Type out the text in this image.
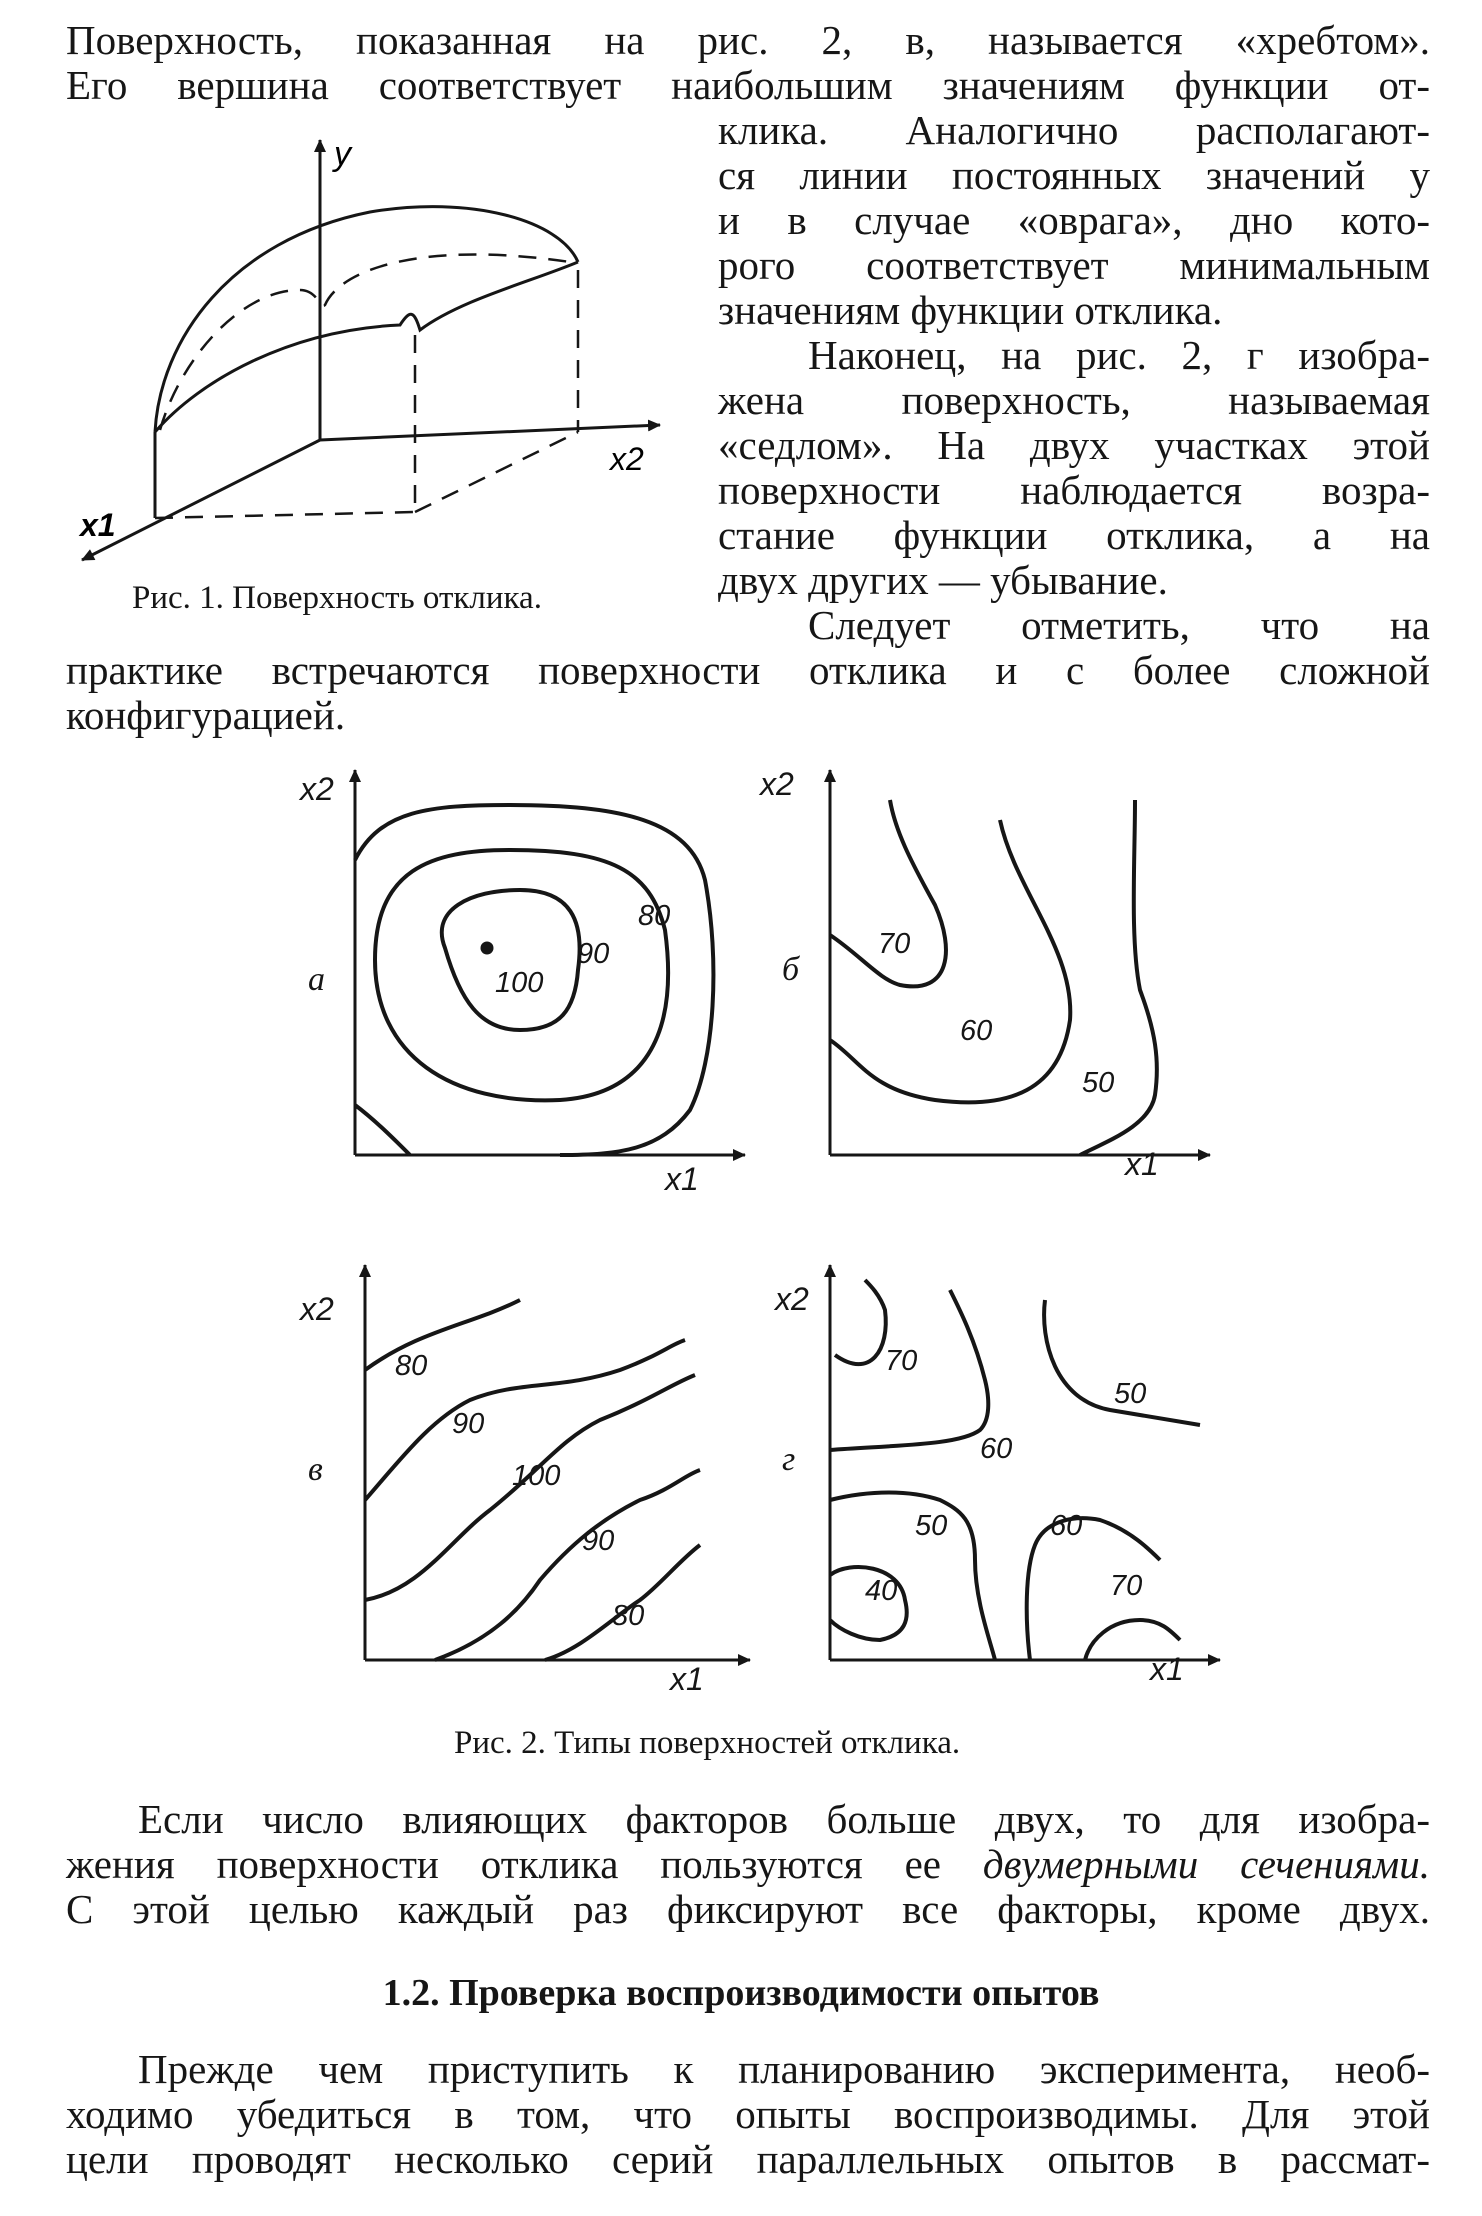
Поверхность, показанная на рис. 2, в, называется «хребтом».
Его вершина соответствует наибольшим значениям функции от-
клика. Аналогично располагают-
ся линии постоянных значений y
и в случае «оврага», дно кото-
рого соответствует минимальным
значениям функции отклика.
Наконец, на рис. 2, г изобра-
жена поверхность, называемая
«седлом». На двух участках этой
поверхности наблюдается возра-
стание функции отклика, а на
двух других — убывание.
Следует отметить, что на
практике встречаются поверхности отклика и с более сложной
конфигурацией.
y
x2
x1
Рис. 1. Поверхность отклика.
x2
x1
x2
x1
x2
x1
x2
x1
а	б
в	г
100
90
80
70
60
50
80
90
100
90
80
70
50
60
50	60
40	70
Рис. 2. Типы поверхностей отклика.
Если число влияющих факторов больше двух, то для изобра-
жения поверхности отклика пользуются ее двумерными сечениями.
С этой целью каждый раз фиксируют все факторы, кроме двух.
1.2. Проверка воспроизводимости опытов
Прежде чем приступить к планированию эксперимента, необ-
ходимо убедиться в том, что опыты воспроизводимы. Для этой
цели проводят несколько серий параллельных опытов в рассмат-
